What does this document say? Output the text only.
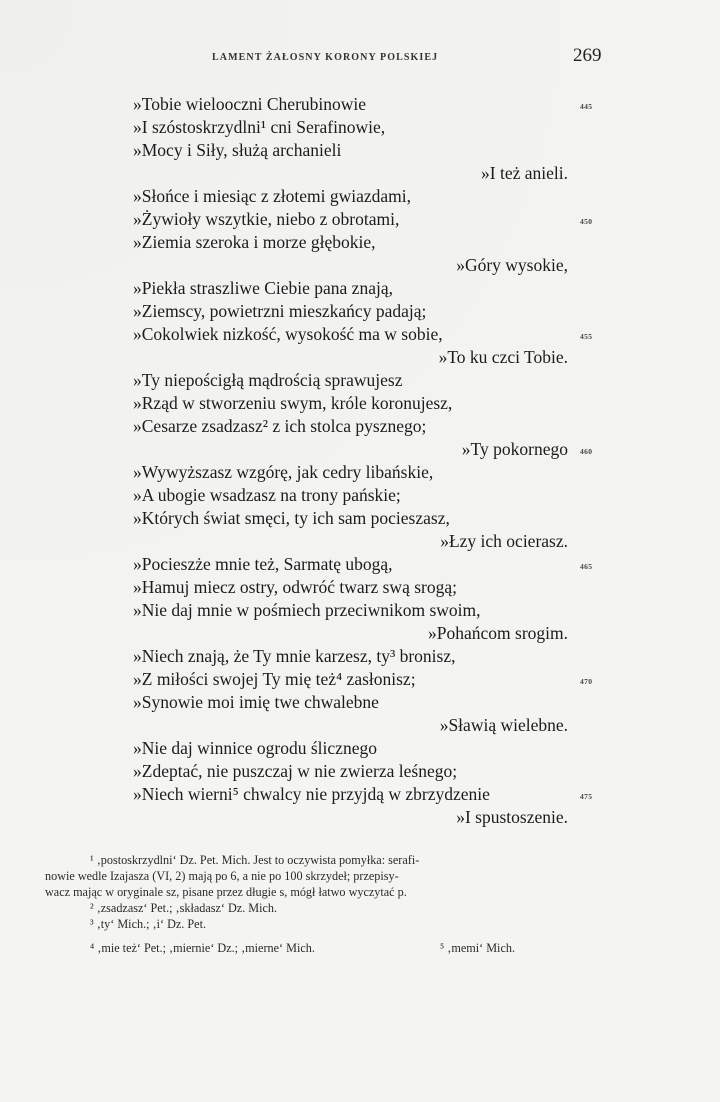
LAMENT ŻAŁOSNY KORONY POLSKIEJ	269
»Tobie wielooczni Cherubinowie
»I szóstoskrzydlni¹ cni Serafinowie,
»Mocy i Siły, służą archanieli
»I też anieli.
»Słońce i miesiąc z złotemi gwiazdami,
»Żywioły wszytkie, niebo z obrotami,
»Ziemia szeroka i morze głębokie,
»Góry wysokie,
»Piekła straszliwe Ciebie pana znają,
»Ziemscy, powietrzni mieszkańcy padają;
»Cokolwiek nizkość, wysokość ma w sobie,
»To ku czci Tobie.
»Ty niepościgłą mądrością sprawujesz
»Rząd w stworzeniu swym, króle koronujesz,
»Cesarze zsadzasz² z ich stolca pysznego;
»Ty pokornego
»Wywyższasz wzgórę, jak cedry libańskie,
»A ubogie wsadzasz na trony pańskie;
»Których świat smęci, ty ich sam pocieszasz,
»Łzy ich ocierasz.
»Pocieszże mnie też, Sarmatę ubogą,
»Hamuj miecz ostry, odwróć twarz swą srogą;
»Nie daj mnie w pośmiech przeciwnikom swoim,
»Pohańcom srogim.
»Niech znają, że Ty mnie karzesz, ty³ bronisz,
»Z miłości swojej Ty mię też⁴ zasłonisz;
»Synowie moi imię twe chwalebne
»Sławią wielebne.
»Nie daj winnice ogrodu ślicznego
»Zdeptać, nie puszczaj w nie zwierza leśnego;
»Niech wierni⁵ chwalcy nie przyjdą w zbrzydzenie
»I spustoszenie.
445
450
455
460
465
470
475
¹ ‚postoskrzydlni‘ Dz. Pet. Mich. Jest to oczywista pomyłka: serafi-
nowie wedle Izajasza (VI, 2) mają po 6, a nie po 100 skrzydeł; przepisy-
wacz mając w oryginale sz, pisane przez długie s, mógł łatwo wyczytać p.
² ‚zsadzasz‘ Pet.; ‚składasz‘ Dz. Mich.
³ ‚ty‘ Mich.; ‚i‘ Dz. Pet.
⁴ ‚mie też‘ Pet.; ‚miernie‘ Dz.; ‚mierne‘ Mich.	⁵ ‚memi‘ Mich.
